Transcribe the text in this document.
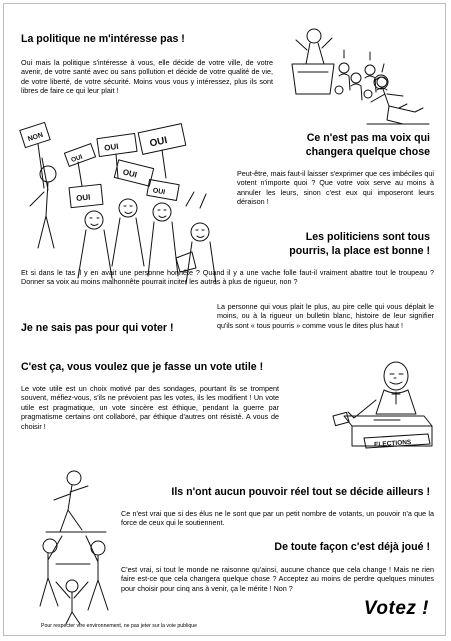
La politique ne m'intéresse pas !
Oui mais la politique s'intéresse à vous, elle décide de votre ville, de votre avenir, de votre santé avec ou sans pollution et décide de votre qualité de vie, de votre liberté, de votre sécurité. Moins vous vous y intéressez, plus ils sont libres de faire ce qui leur plait !
NON
OUI
OUI	OUI
OUI
OUI
OUI
Ce n'est pas ma voix qui
changera quelque chose
Peut-être, mais faut-il laisser s'exprimer que ces imbéciles qui votent n'importe quoi ? Que votre voix serve au moins à annuler les leurs, sinon c'est eux qui imposeront leurs déraison !
Les politiciens sont tous
pourris, la place est bonne !
Et si dans le tas il y en avait une personne honnête ? Quand il y a une vache folle faut-il vraiment abattre tout le troupeau ? Donner sa voix au moins malhonnête pourrait inciter les autres à plus de rigueur, non ?
Je ne sais pas pour qui voter !
La personne qui vous plait le plus, au pire celle qui vous déplait le moins, ou à la rigueur un bulletin blanc, histoire de leur signifier qu'ils sont « tous pourris » comme vous le dites plus haut !
C'est ça, vous voulez que je fasse un vote utile !
Le vote utile est un choix motivé par des sondages, pourtant ils se trompent souvent, méfiez-vous, s'ils ne prévoient pas les votes, ils les modifient ! Un vote utile est pragmatique, un vote sincère est éthique, pendant la guerre par pragmatisme certains ont collaboré, par éthique d'autres ont résisté. A vous de choisir !
ELECTIONS
Ils n'ont aucun pouvoir réel tout se décide ailleurs !
Ce n'est vrai que si des élus ne le sont que par un petit nombre de votants, un pouvoir n'a que la force de ceux qui le soutiennent.
De toute façon c'est déjà joué !
C'est vrai, si tout le monde ne raisonne qu'ainsi, aucune chance que cela change ! Mais ne rien faire est-ce que cela changera quelque chose ? Acceptez au moins de perdre quelques minutes pour choisir pour cinq ans à venir, ça le mérite ! Non ?
Votez !
Pour respecter vtre environnement, ne pas jeter sur la voie publique
